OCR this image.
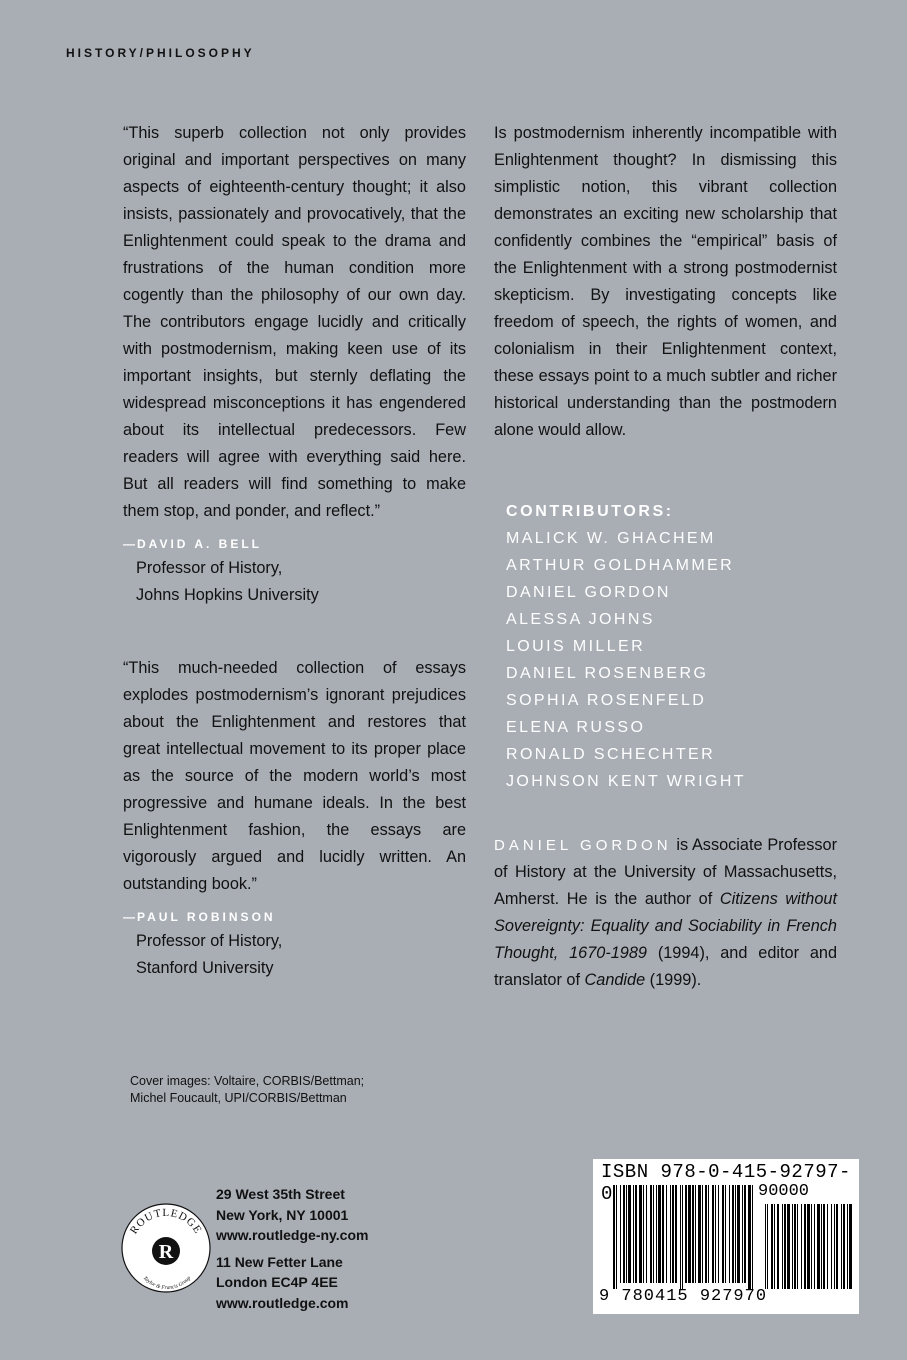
HISTORY/PHILOSOPHY

“This superb collection not only provides original and important perspectives on many aspects of eighteenth-century thought; it also insists, passionately and provocatively, that the Enlightenment could speak to the drama and frustrations of the human condition more cogently than the philosophy of our own day. The contributors engage lucidly and critically with postmodernism, making keen use of its important insights, but sternly deflating the widespread misconceptions it has engendered about its intellectual predecessors. Few readers will agree with everything said here. But all readers will find something to make them stop, and ponder, and reflect.”

— DAVID A. BELL
Professor of History,
Johns Hopkins University

“This much-needed collection of essays explodes postmodernism’s ignorant prejudices about the Enlightenment and restores that great intellectual movement to its proper place as the source of the modern world’s most progressive and humane ideals. In the best Enlightenment fashion, the essays are vigorously argued and lucidly written. An outstanding book.”

— PAUL ROBINSON
Professor of History,
Stanford University

Is postmodernism inherently incompatible with Enlightenment thought? In dismissing this simplistic notion, this vibrant collection demonstrates an exciting new scholarship that confidently combines the “empirical” basis of the Enlightenment with a strong postmodernist skepticism. By investigating concepts like freedom of speech, the rights of women, and colonialism in their Enlightenment context, these essays point to a much subtler and richer historical understanding than the postmodern alone would allow.

CONTRIBUTORS:
MALICK W. GHACHEM
ARTHUR GOLDHAMMER
DANIEL GORDON
ALESSA JOHNS
LOUIS MILLER
DANIEL ROSENBERG
SOPHIA ROSENFELD
ELENA RUSSO
RONALD SCHECHTER
JOHNSON KENT WRIGHT
DANIEL GORDON is Associate Professor of History at the University of Massachusetts, Amherst. He is the author of Citizens without Sovereignty: Equality and Sociability in French Thought, 1670-1989 (1994), and editor and translator of Candide (1999).
Cover images: Voltaire, CORBIS/Bettman;
Michel Foucault, UPI/CORBIS/Bettman
ROUTLEDGE
Taylor & Francis Group
R
29 West 35th Street
New York, NY 10001
www.routledge-ny.com
11 New Fetter Lane
London EC4P 4EE
www.routledge.com
ISBN 978-0-415-92797-0	90000
9 780415 927970
